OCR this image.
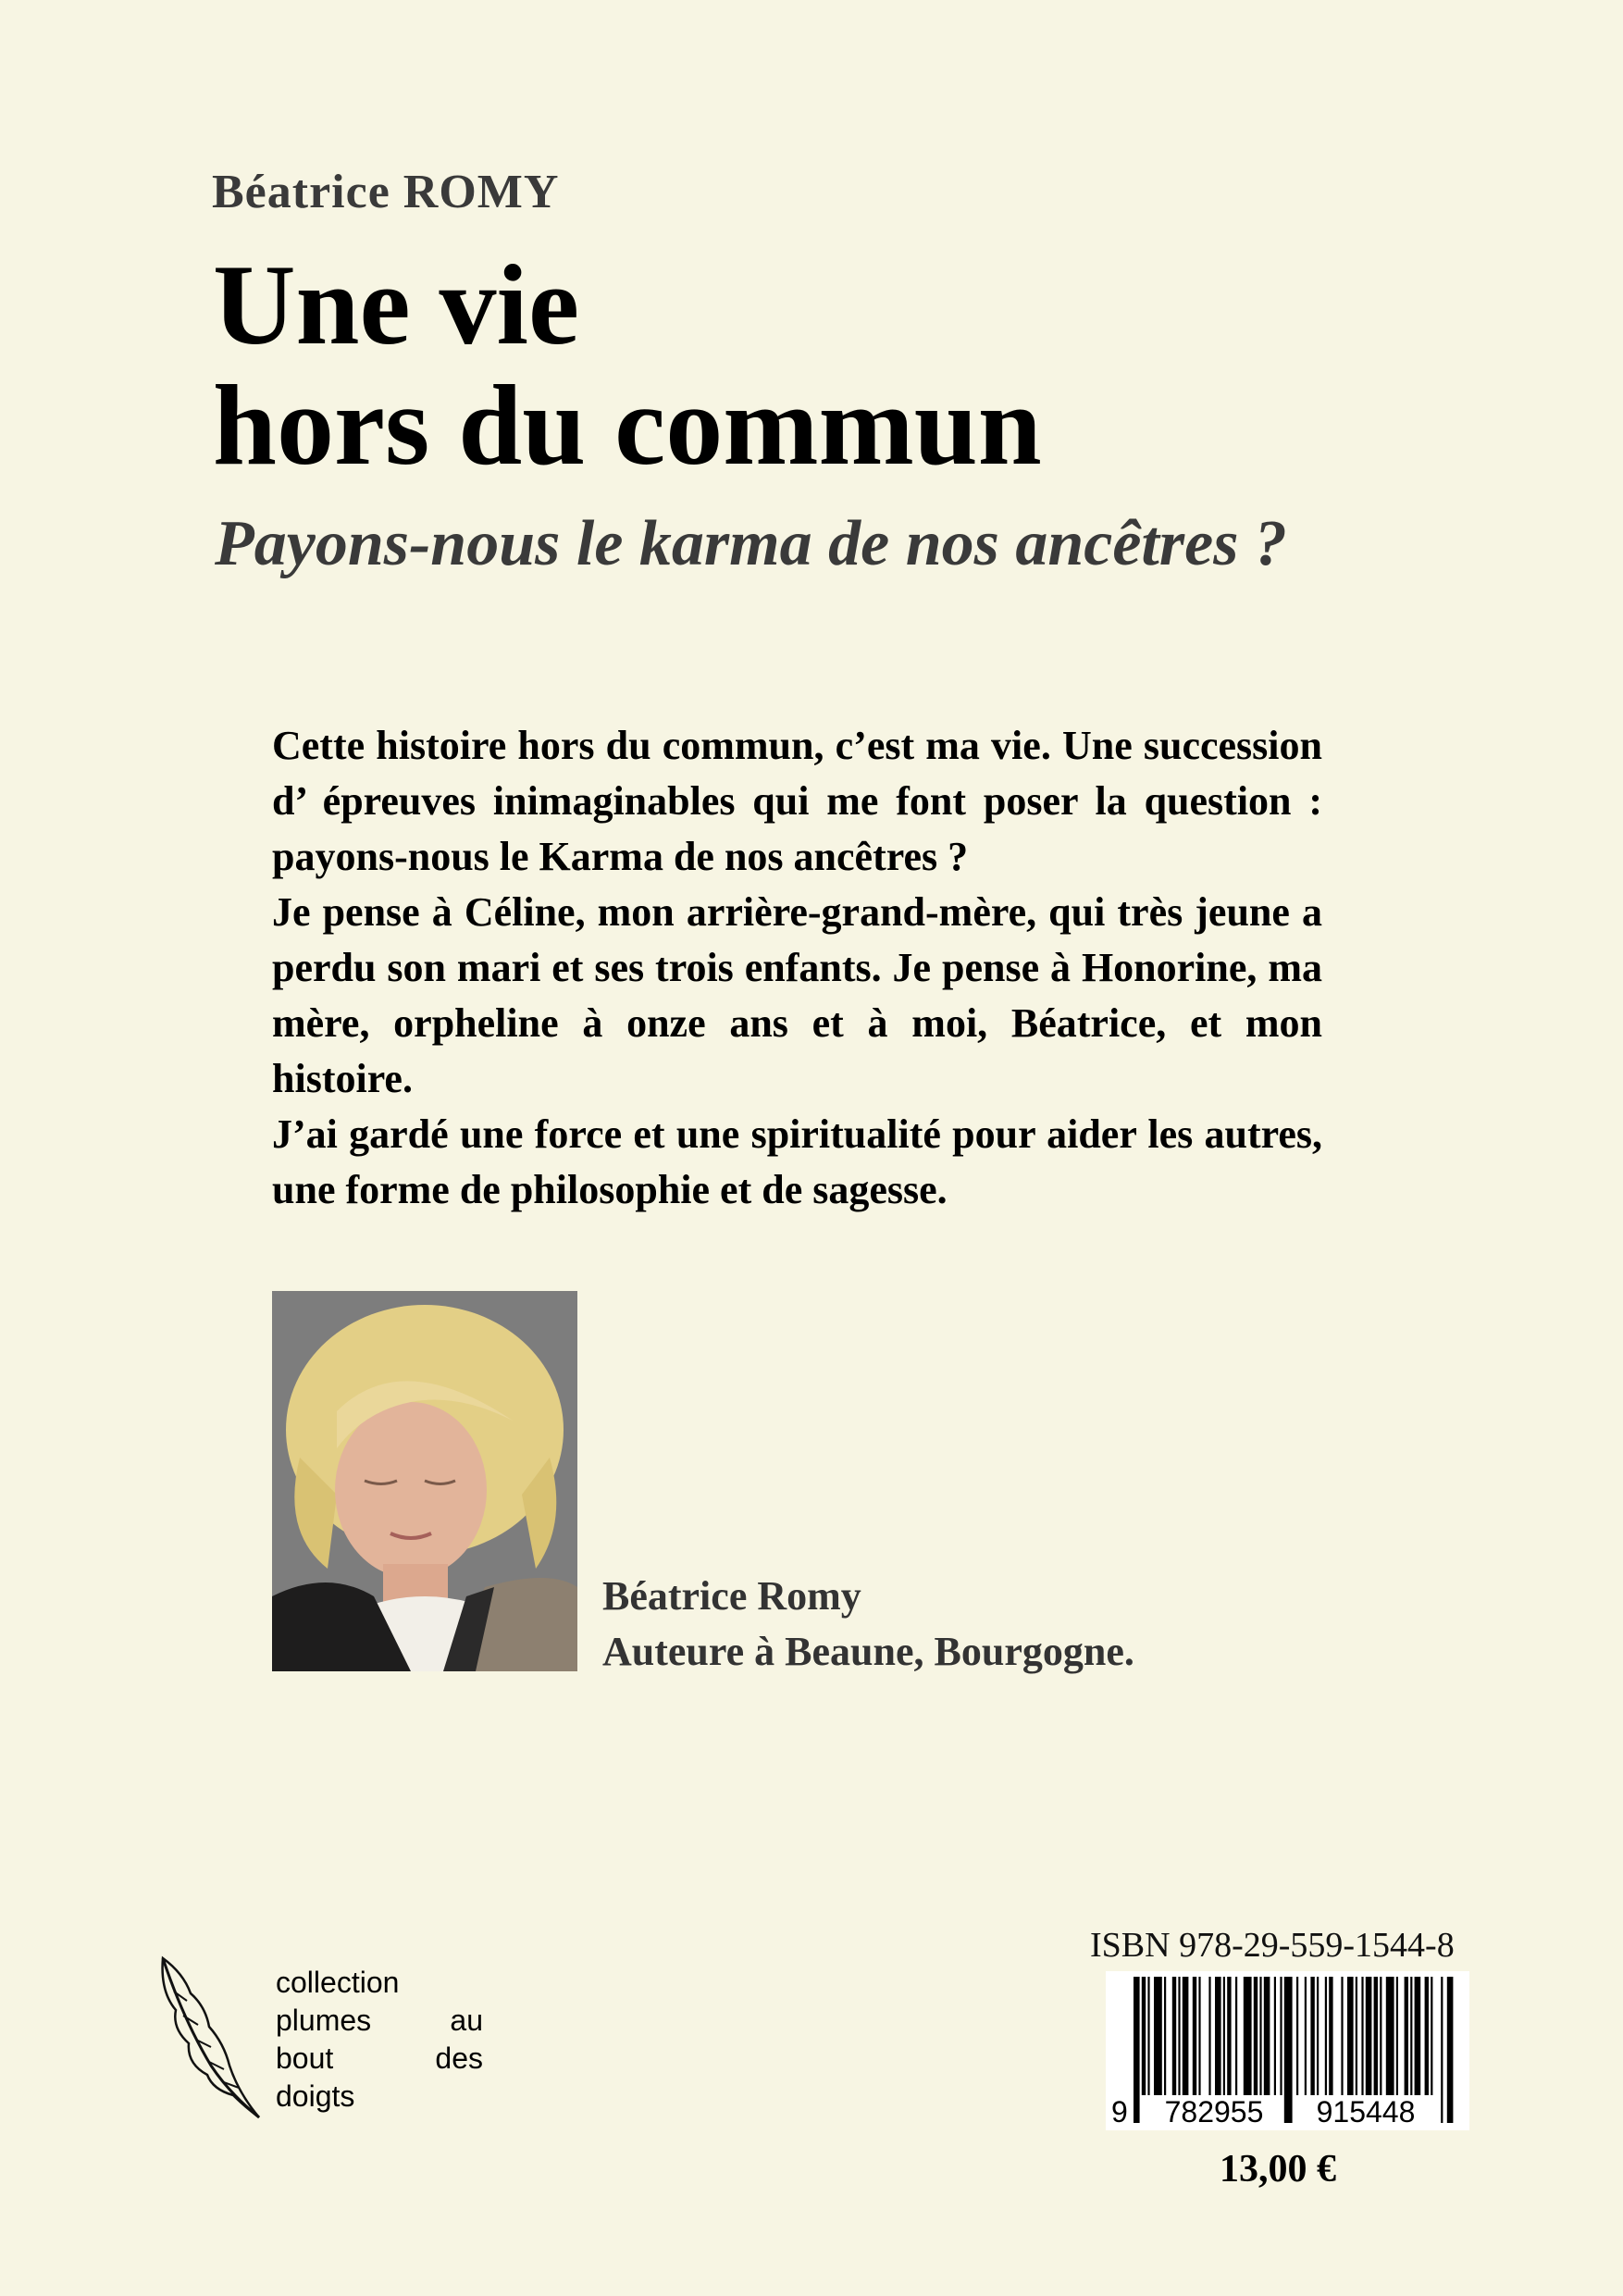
Béatrice ROMY
Une vie
hors du commun
Payons-nous le karma de nos ancêtres ?

Cette histoire hors du commun, c’est ma vie. Une succession d’ épreuves inimaginables qui me font poser la question : payons-nous le Karma de nos ancêtres ?

Je pense à Céline, mon arrière-grand-mère, qui très jeune a perdu son mari et ses trois enfants. Je pense à Honorine, ma mère, orpheline à onze ans et à moi, Béatrice, et mon histoire.

J’ai gardé une force et une spiritualité pour aider les autres, une forme de philosophie et de sagesse.

Béatrice Romy
Auteure à Beaune, Bourgogne.
collection
plumes au
bout des
doigts
ISBN 978-29-559-1544-8
9	782955	915448
13,00 €
